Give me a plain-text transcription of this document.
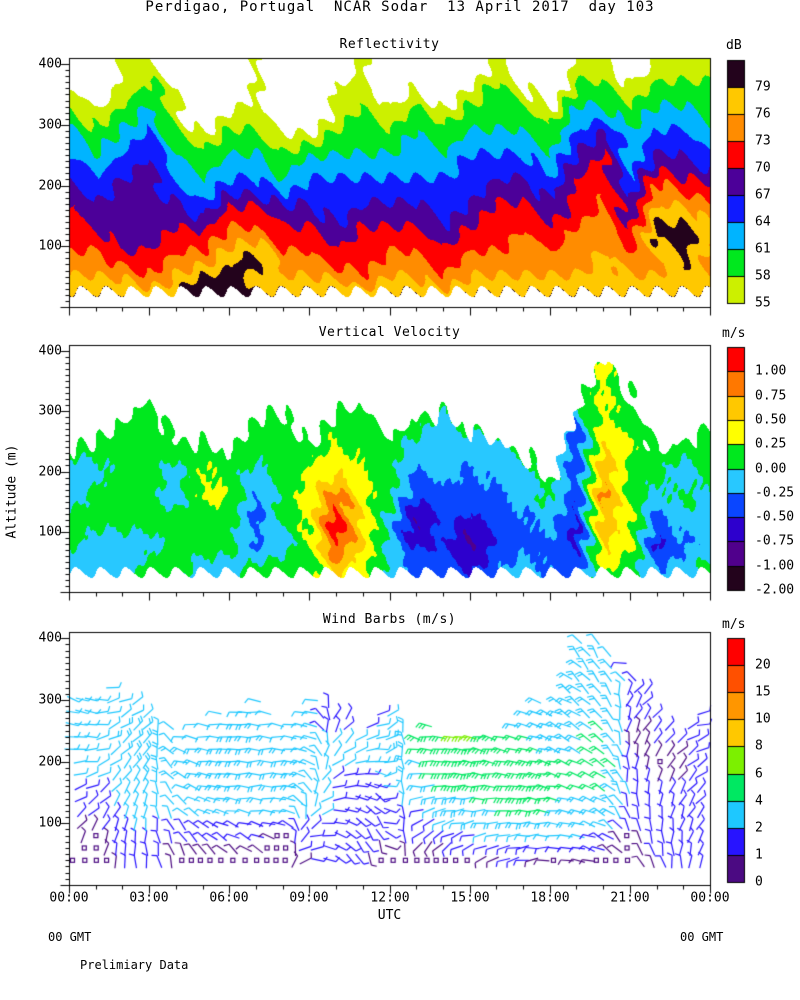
Perdigao, Portugal  NCAR Sodar  13 April 2017  day 103
Reflectivity
Vertical Velocity
Wind Barbs (m/s)
dB
m/s
m/s
Altitude (m)
UTC
00 GMT	00 GMT
Prelimiary Data
100
200
300
400
100
200
300
400
100
200
300
400
00:00	03:00	06:00	09:00	12:00	15:00	18:00	21:00	00:00
79
76
73
70
67
64
61
58
55
1.00
0.75
0.50
0.25
0.00
-0.25
-0.50
-0.75
-1.00
-2.00
20
15
10
8
6
4
2
1
0
